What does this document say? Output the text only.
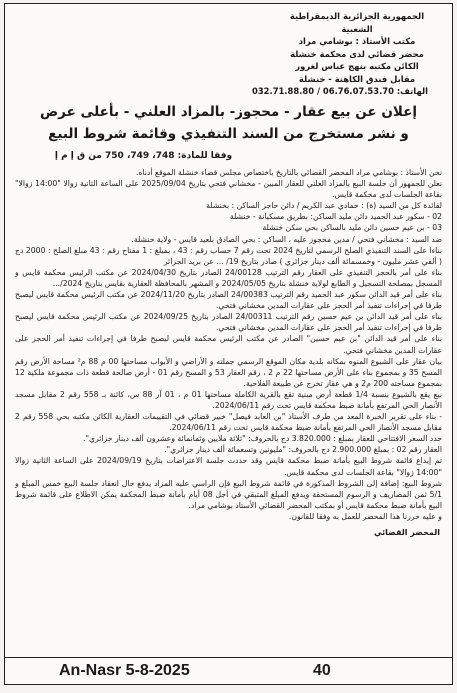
الجمهورية الجزائرية الديمقراطية الشعبية
مكتب الأستاذ : بوشامي مراد
محضر قضائي لدى محكمة خنشلة
الكائن مكتبه بنهج عباس لغرور
مقابل فندق الكاهنة - خنشلة
الهاتف: 06.76.07.53.70 / 032.71.88.80
إعلان عن بيع عقار - محجوز- بالمزاد العلني - بأعلى عرض
و نشر مستخرج من السند التنفيذي وقائمة شروط البيع
وفقا للمادة: 748، 749، 750 من ق إ م إ

نحن الأستاذ : بوشامي مراد المحضر القضائي بالتاريخ باختصاص مجلس قضاء خنشلة الموقع أدناه.

نعلن للجمهور أن جلسة البيع بالمزاد العلني للعقار المبين - مخشاني فتحي بتاريخ 2025/09/04 على الساعة الثانية زوالا "14:00 زوالا" بقاعة الجلسات لدى محكمة قايس.

لفائدة كل من السيد (ة) : حمادي عبد الكريم / دائن حاجز الساكن : بخنشلة

02 - سكور عبد الحميد دائن مليد الساكن: بطريق مسكيانة - خنشلة

03 - بن عيم حسين دائن مليد بالساكن بحي سكن خنشلة

ضد السيد : مخشاني فتحي / مدين محجوز عليه ، الساكن : بحي الصادق بلعيد قايس - ولاية خنشلة.

بناءا على السند التنفيذي الصلح الرسمي لتاريخ 2024 تحت رقم 7 حساب رقم : 43 ، بمبلغ : 1 مفتاح رقم : 43 مبلغ الصلح : 2000 دج ( ألفي عشر مليون - وخمسمائة ألف دينار جزائري ) صادر بتاريخ 19/ ... عن بريد الجزائر

بناء على أمر بالحجز التنفيذي على العقار رقم الترتيب 24/00128 الصادر بتاريخ 2024/04/30 عن مكتب الرئيس محكمة قايس و المسجل بمصلحة التسجيل و الطابع لولاية خنشلة بتاريخ 2024/05/05 و المشهر بالمحافظة العقارية بقايس بتاريخ 2024/...

بناء على أمر قيد الدائن سكور عبد الحميد رقم الترتيب 24/00383 الصادر بتاريخ 2024/11/20 عن مكتب الرئيس محكمة قايس ليصبح طرفا في إجراءات تنفيذ أمر الحجز على عقارات المدين مخشاني فتحي.

بناء على أمر قيد الدائن بن عيم حسين رقم الترتيب 24/00311 الصادر بتاريخ 2024/09/25 عن مكتب الرئيس محكمة قايس ليصبح طرفا في إجراءات تنفيذ أمر الحجز على عقارات المدين مخشاني فتحي.

بناء على أمر قيد الدائن "بن عيم حسين" الصادر عن مكتب الرئيس محكمة قايس ليصبح طرفا في إجراءات تنفيذ أمر الحجز على عقارات المدين مخشاني فتحي.

بيان عقار على الشيوع المنوه بمكانه بلدية مكان الموقع الرسمي جملته و الأراضي و الأبواب مساحتها 00 م 88 م² مساحة الأرض رقم المسح 35 و بمجموع بناء على الأرض مساحتها 22 م 2 ، رقم العقار 53 و المسح رقم 01 - أرض صالحة قطعة ذات مجموعة ملكية 12 بمجموع مساحته 200 م2 و هي عقار تخرج عن طبيعة الفلاحية.

بيع يقع بالشيوع بنسبة 1/4 قطعة أرض مبنية تقع بالقرية الكاملة مساحتها 01 م ، 01 آر 88 س، كائنة بـ 558 رقم 2 مقابل مسجد الأنصار الحي المرتفع بأمانة ضبط محكمة قايس تحت رقم 2024/06/11.

- بناء على تقرير الخبرة المعد من طرف الأستاذ "بن العابد فيصل" خبير قضائي في التقييمات العقارية الكائن مكتبه بحي 558 رقم 2 مقابل مسجد الأنصار الحي المرتفع بأمانة ضبط محكمة قايس تحت رقم 2024/06/11.

حدد السعر الافتتاحي للعقار بمبلغ : 3.820.000 دج بالحروف: "ثلاثة ملايين وثمانمائة وعشرون ألف دينار جزائري".

العقار رقم 02 : بمبلغ 2.900.000 دج بالحروف: "مليونين وتسعمائة ألف دينار جزائري".

تم إيداع قائمة شروط البيع بأمانة ضبط محكمة قايس وقد حددت جلسة الاعتراضات بتاريخ 2024/09/19 على الساعة الثانية زوالا "14:00 زوالا" بقاعة الجلسات لدى محكمة قايس.

شروط البيع: إضافة إلى الشروط المذكورة في قائمة شروط البيع فإن الراسي عليه المزاد يدفع حال انعقاد جلسة البيع خمس المبلغ و 5/1 ثمن المصاريف و الرسوم المستحقة ويدفع المبلغ المتبقي في أجل 08 أيام بأمانة ضبط المحكمة يمكن الاطلاع على قائمة شروط البيع بأمانة ضبط محكمة قايس أو بمكتب المحضر القضائي الأستاذ بوشامي مراد.

و عليه حررنا هذا المحضر للعمل به وفقا للقانون.

المحضر القضائي
An-Nasr 5-8-2025	40
